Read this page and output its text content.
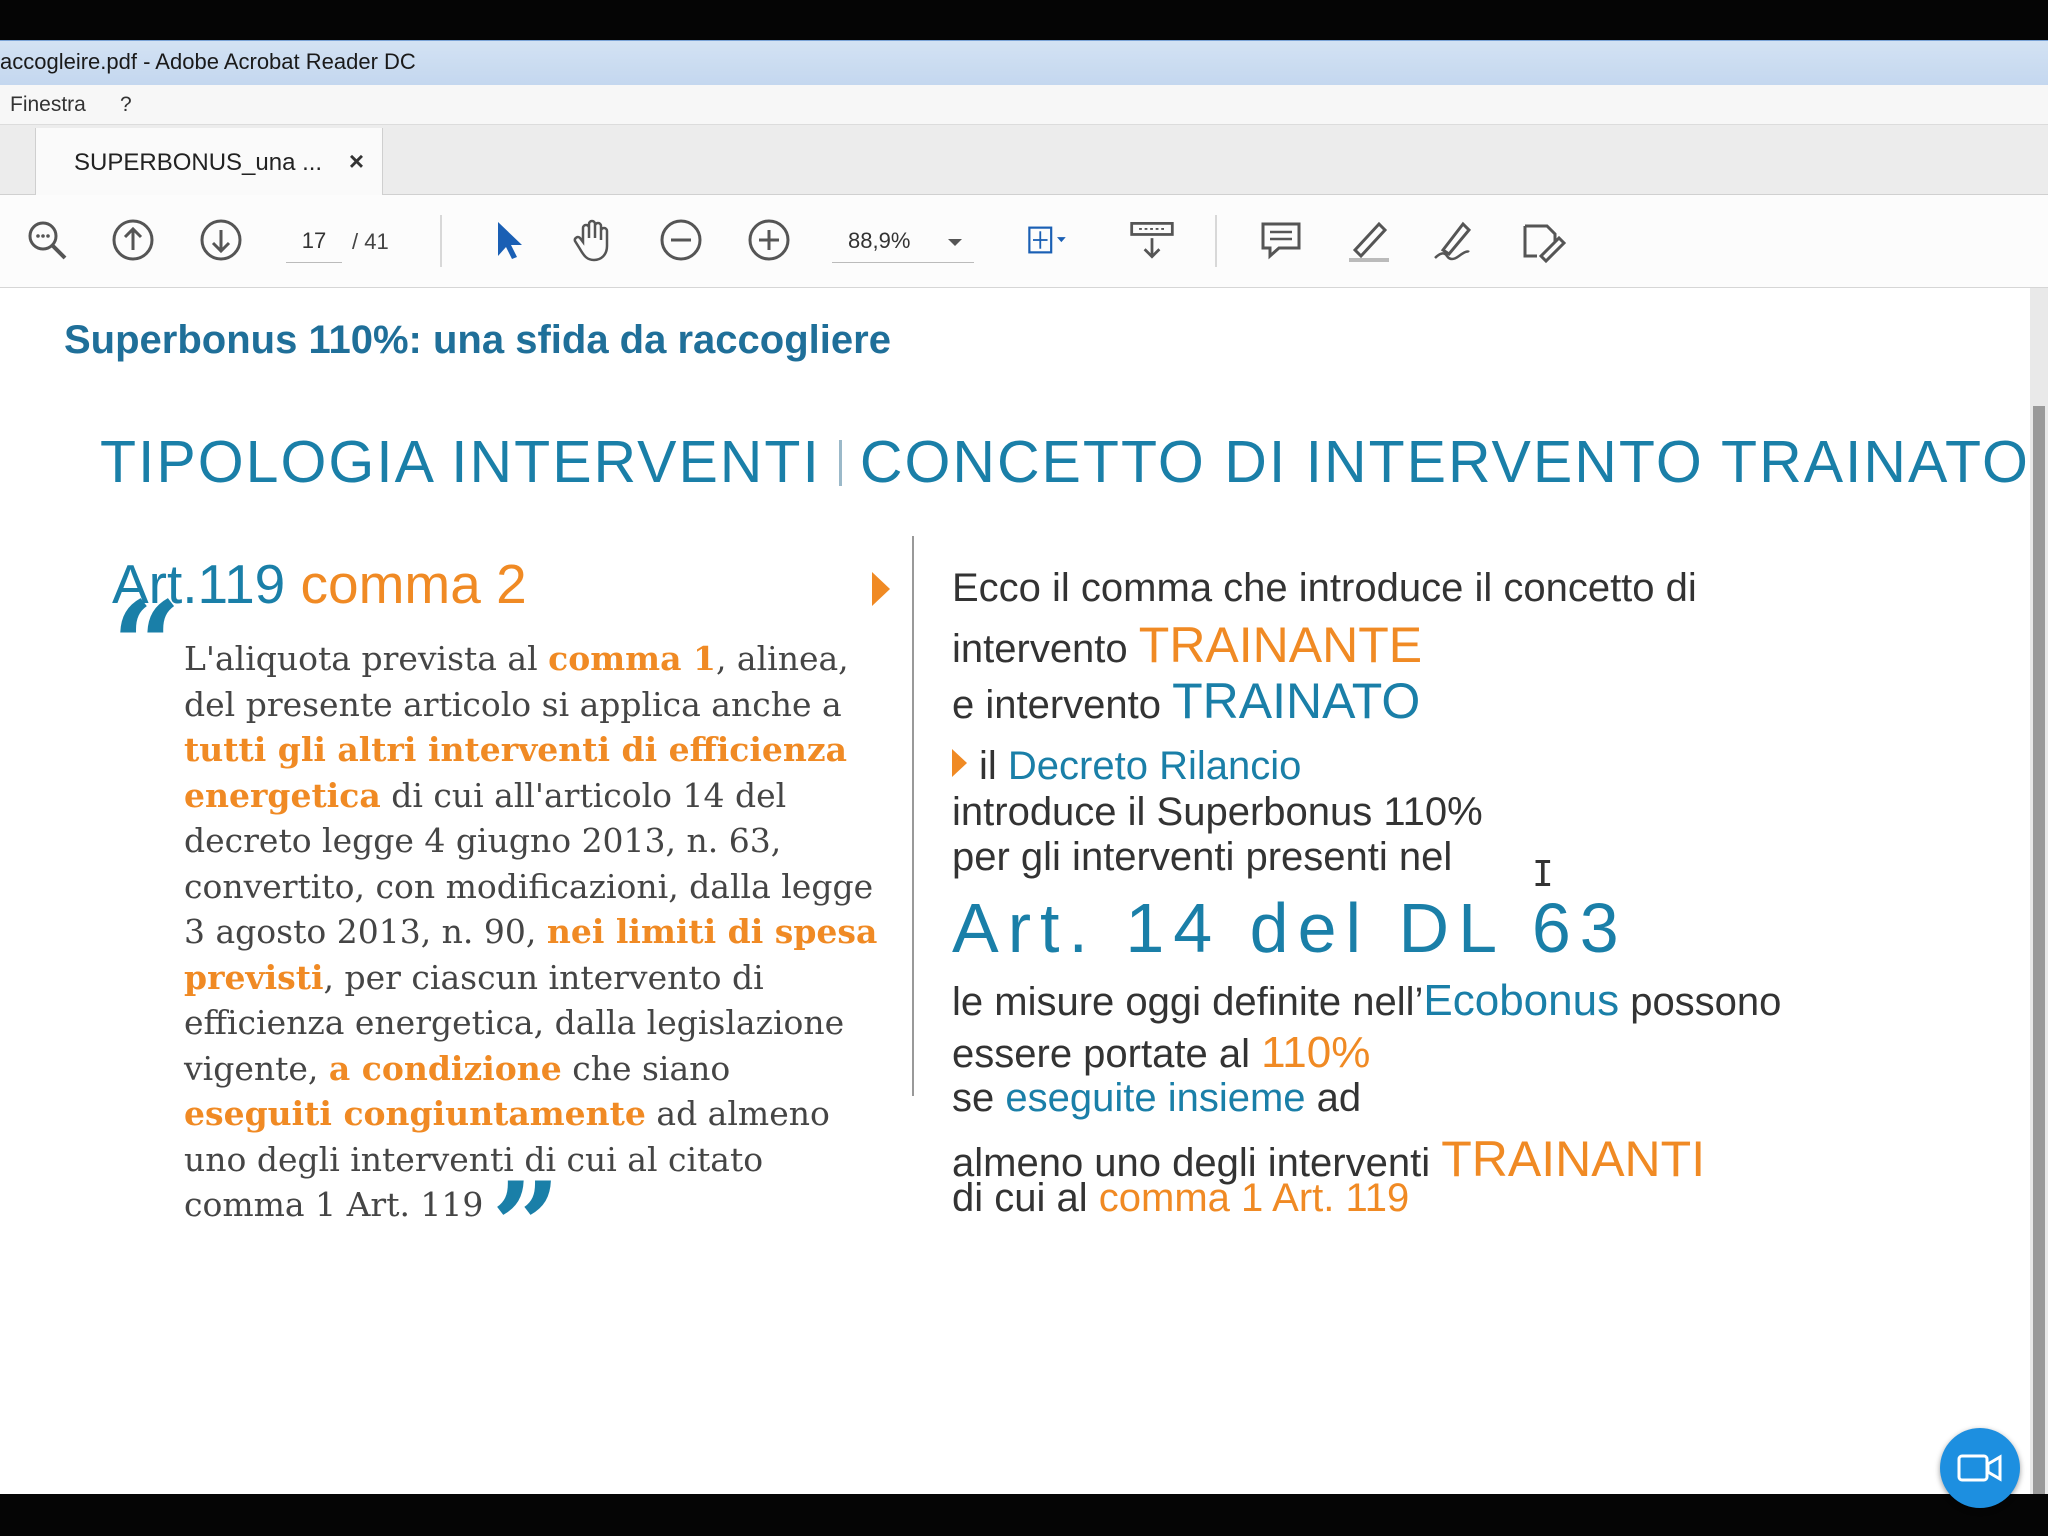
accoglеire.pdf - Adobe Acrobat Reader DC
Finestra ?
SUPERBONUS_una ... ×
17	/ 41	88,9%
Superbonus 110%: una sfida da raccogliere
TIPOLOGIA INTERVENTI CONCETTO DI INTERVENTO TRAINATO
Art.119 comma 2
“ L'aliquota prevista al comma 1, alinea, del presente articolo si applica anche a tutti gli altri interventi di efficienza energetica di cui all'articolo 14 del decreto legge 4 giugno 2013, n. 63, convertito, con modificazioni, dalla legge 3 agosto 2013, n. 90, nei limiti di spesa previsti, per ciascun intervento di efficienza energetica, dalla legislazione vigente, a condizione che siano eseguiti congiuntamente ad almeno uno degli interventi di cui al citato comma 1 Art. 119”
Ecco il comma che introduce il concetto di
intervento TRAINANTE
e intervento TRAINATO
il Decreto Rilancio
introduce il Superbonus 110%
per gli interventi presenti nel
Art. 14 del DL 63
le misure oggi definite nell’Ecobonus possono
essere portate al 110%
se eseguite insieme ad
almeno uno degli interventi TRAINANTI
di cui al comma 1 Art. 119
I
